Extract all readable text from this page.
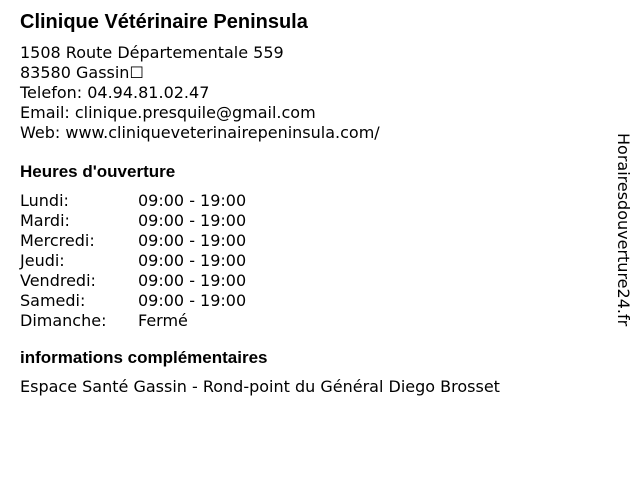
Clinique Vétérinaire Peninsula
1508 Route Départementale 559
83580 Gassin☐
Telefon: 04.94.81.02.47
Email: clinique.presquile@gmail.com
Web: www.cliniqueveterinairepeninsula.com/
Heures d'ouverture
Lundi:	09:00 - 19:00
Mardi:	09:00 - 19:00
Mercredi:	09:00 - 19:00
Jeudi:	09:00 - 19:00
Vendredi:	09:00 - 19:00
Samedi:	09:00 - 19:00
Dimanche:	Fermé
informations complémentaires
Espace Santé Gassin - Rond-point du Général Diego Brosset
Horairesdouverture24.fr
